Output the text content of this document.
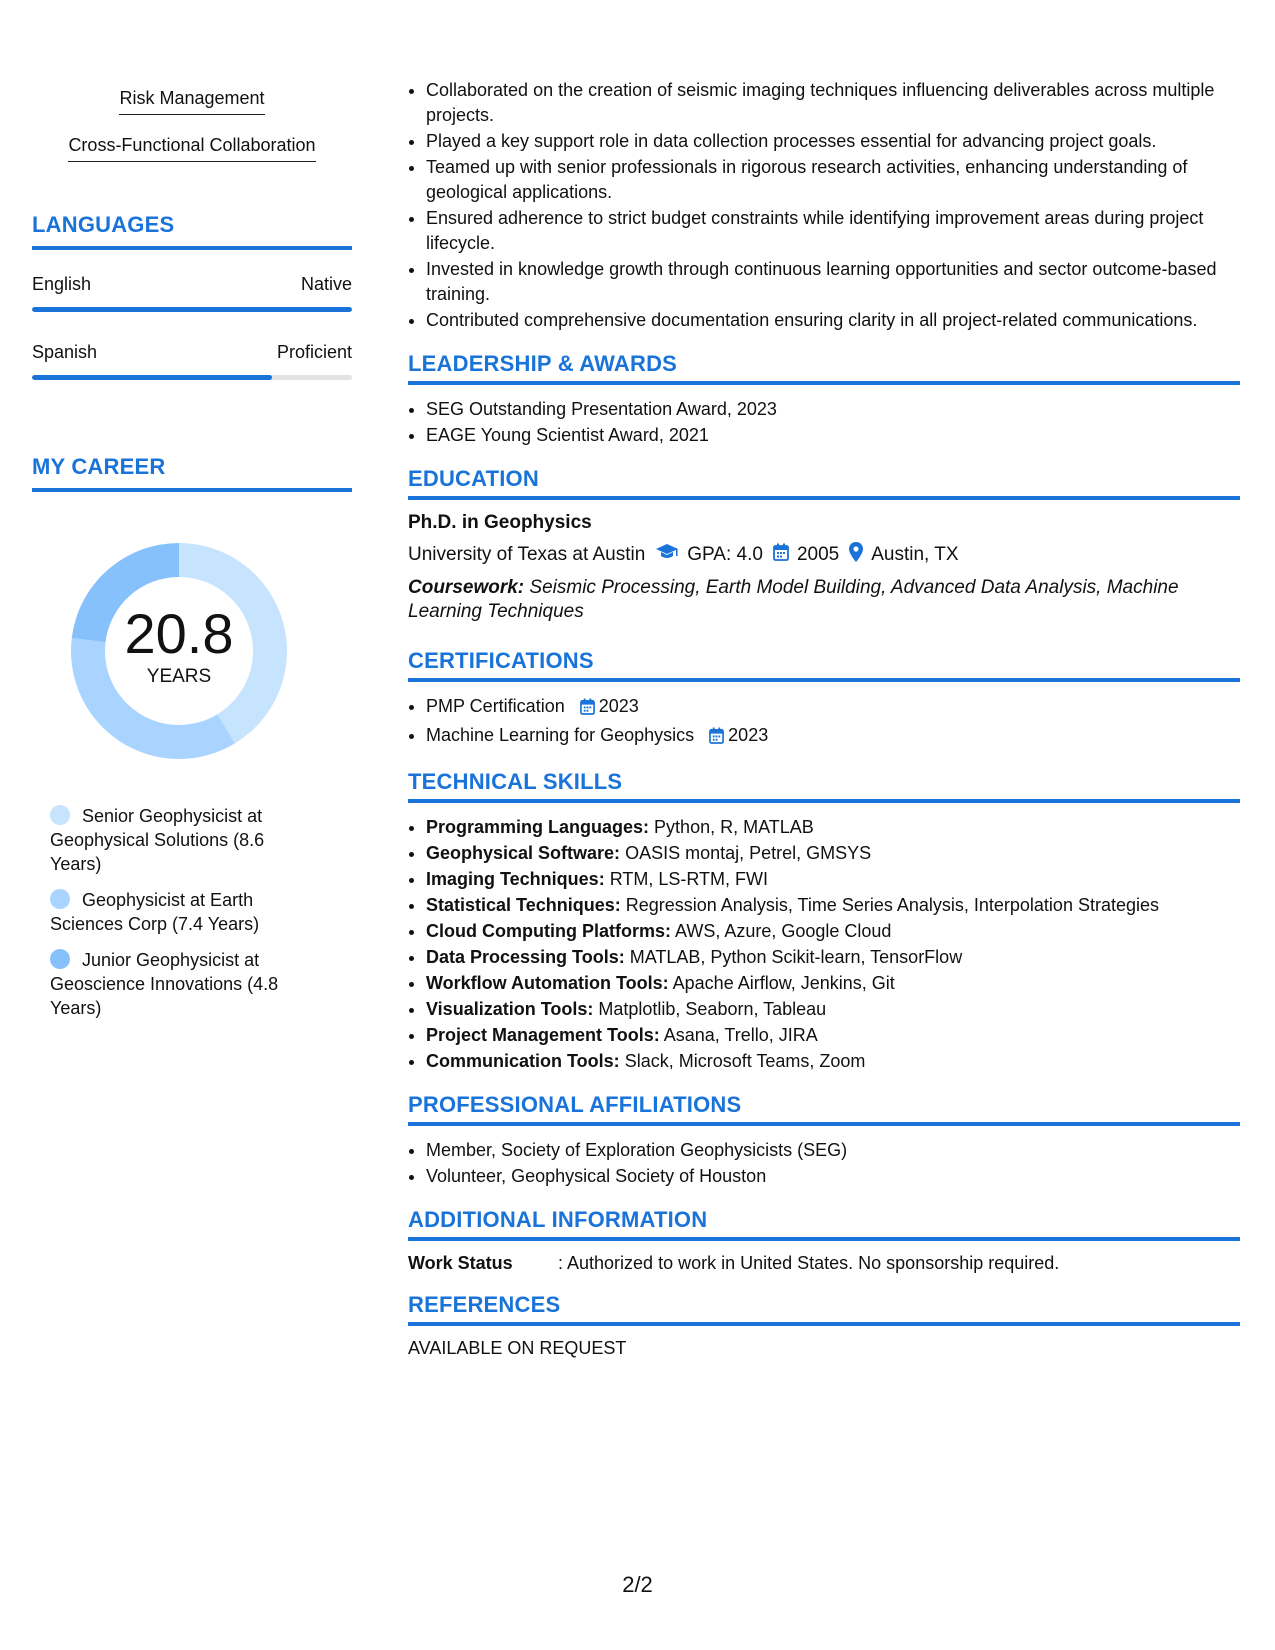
Risk Management
Cross-Functional Collaboration
LANGUAGES
English	Native
Spanish	Proficient
MY CAREER
20.8
YEARS
Senior Geophysicist at Geophysical Solutions (8.6 Years)
Geophysicist at Earth Sciences Corp (7.4 Years)
Junior Geophysicist at Geoscience Innovations (4.8 Years)
• Collaborated on the creation of seismic imaging techniques influencing deliverables across multiple projects.
• Played a key support role in data collection processes essential for advancing project goals.
• Teamed up with senior professionals in rigorous research activities, enhancing understanding of geological applications.
• Ensured adherence to strict budget constraints while identifying improvement areas during project lifecycle.
• Invested in knowledge growth through continuous learning opportunities and sector outcome-based training.
• Contributed comprehensive documentation ensuring clarity in all project-related communications.
LEADERSHIP & AWARDS
• SEG Outstanding Presentation Award, 2023
• EAGE Young Scientist Award, 2021
EDUCATION
Ph.D. in Geophysics
University of Texas at Austin GPA: 4.0 2005 Austin, TX
Coursework: Seismic Processing, Earth Model Building, Advanced Data Analysis, Machine Learning Techniques
CERTIFICATIONS
• PMP Certification 2023
• Machine Learning for Geophysics 2023
TECHNICAL SKILLS
• Programming Languages: Python, R, MATLAB
• Geophysical Software: OASIS montaj, Petrel, GMSYS
• Imaging Techniques: RTM, LS-RTM, FWI
• Statistical Techniques: Regression Analysis, Time Series Analysis, Interpolation Strategies
• Cloud Computing Platforms: AWS, Azure, Google Cloud
• Data Processing Tools: MATLAB, Python Scikit-learn, TensorFlow
• Workflow Automation Tools: Apache Airflow, Jenkins, Git
• Visualization Tools: Matplotlib, Seaborn, Tableau
• Project Management Tools: Asana, Trello, JIRA
• Communication Tools: Slack, Microsoft Teams, Zoom
PROFESSIONAL AFFILIATIONS
• Member, Society of Exploration Geophysicists (SEG)
• Volunteer, Geophysical Society of Houston
ADDITIONAL INFORMATION
Work Status	: Authorized to work in United States. No sponsorship required.
REFERENCES
AVAILABLE ON REQUEST
2/2
